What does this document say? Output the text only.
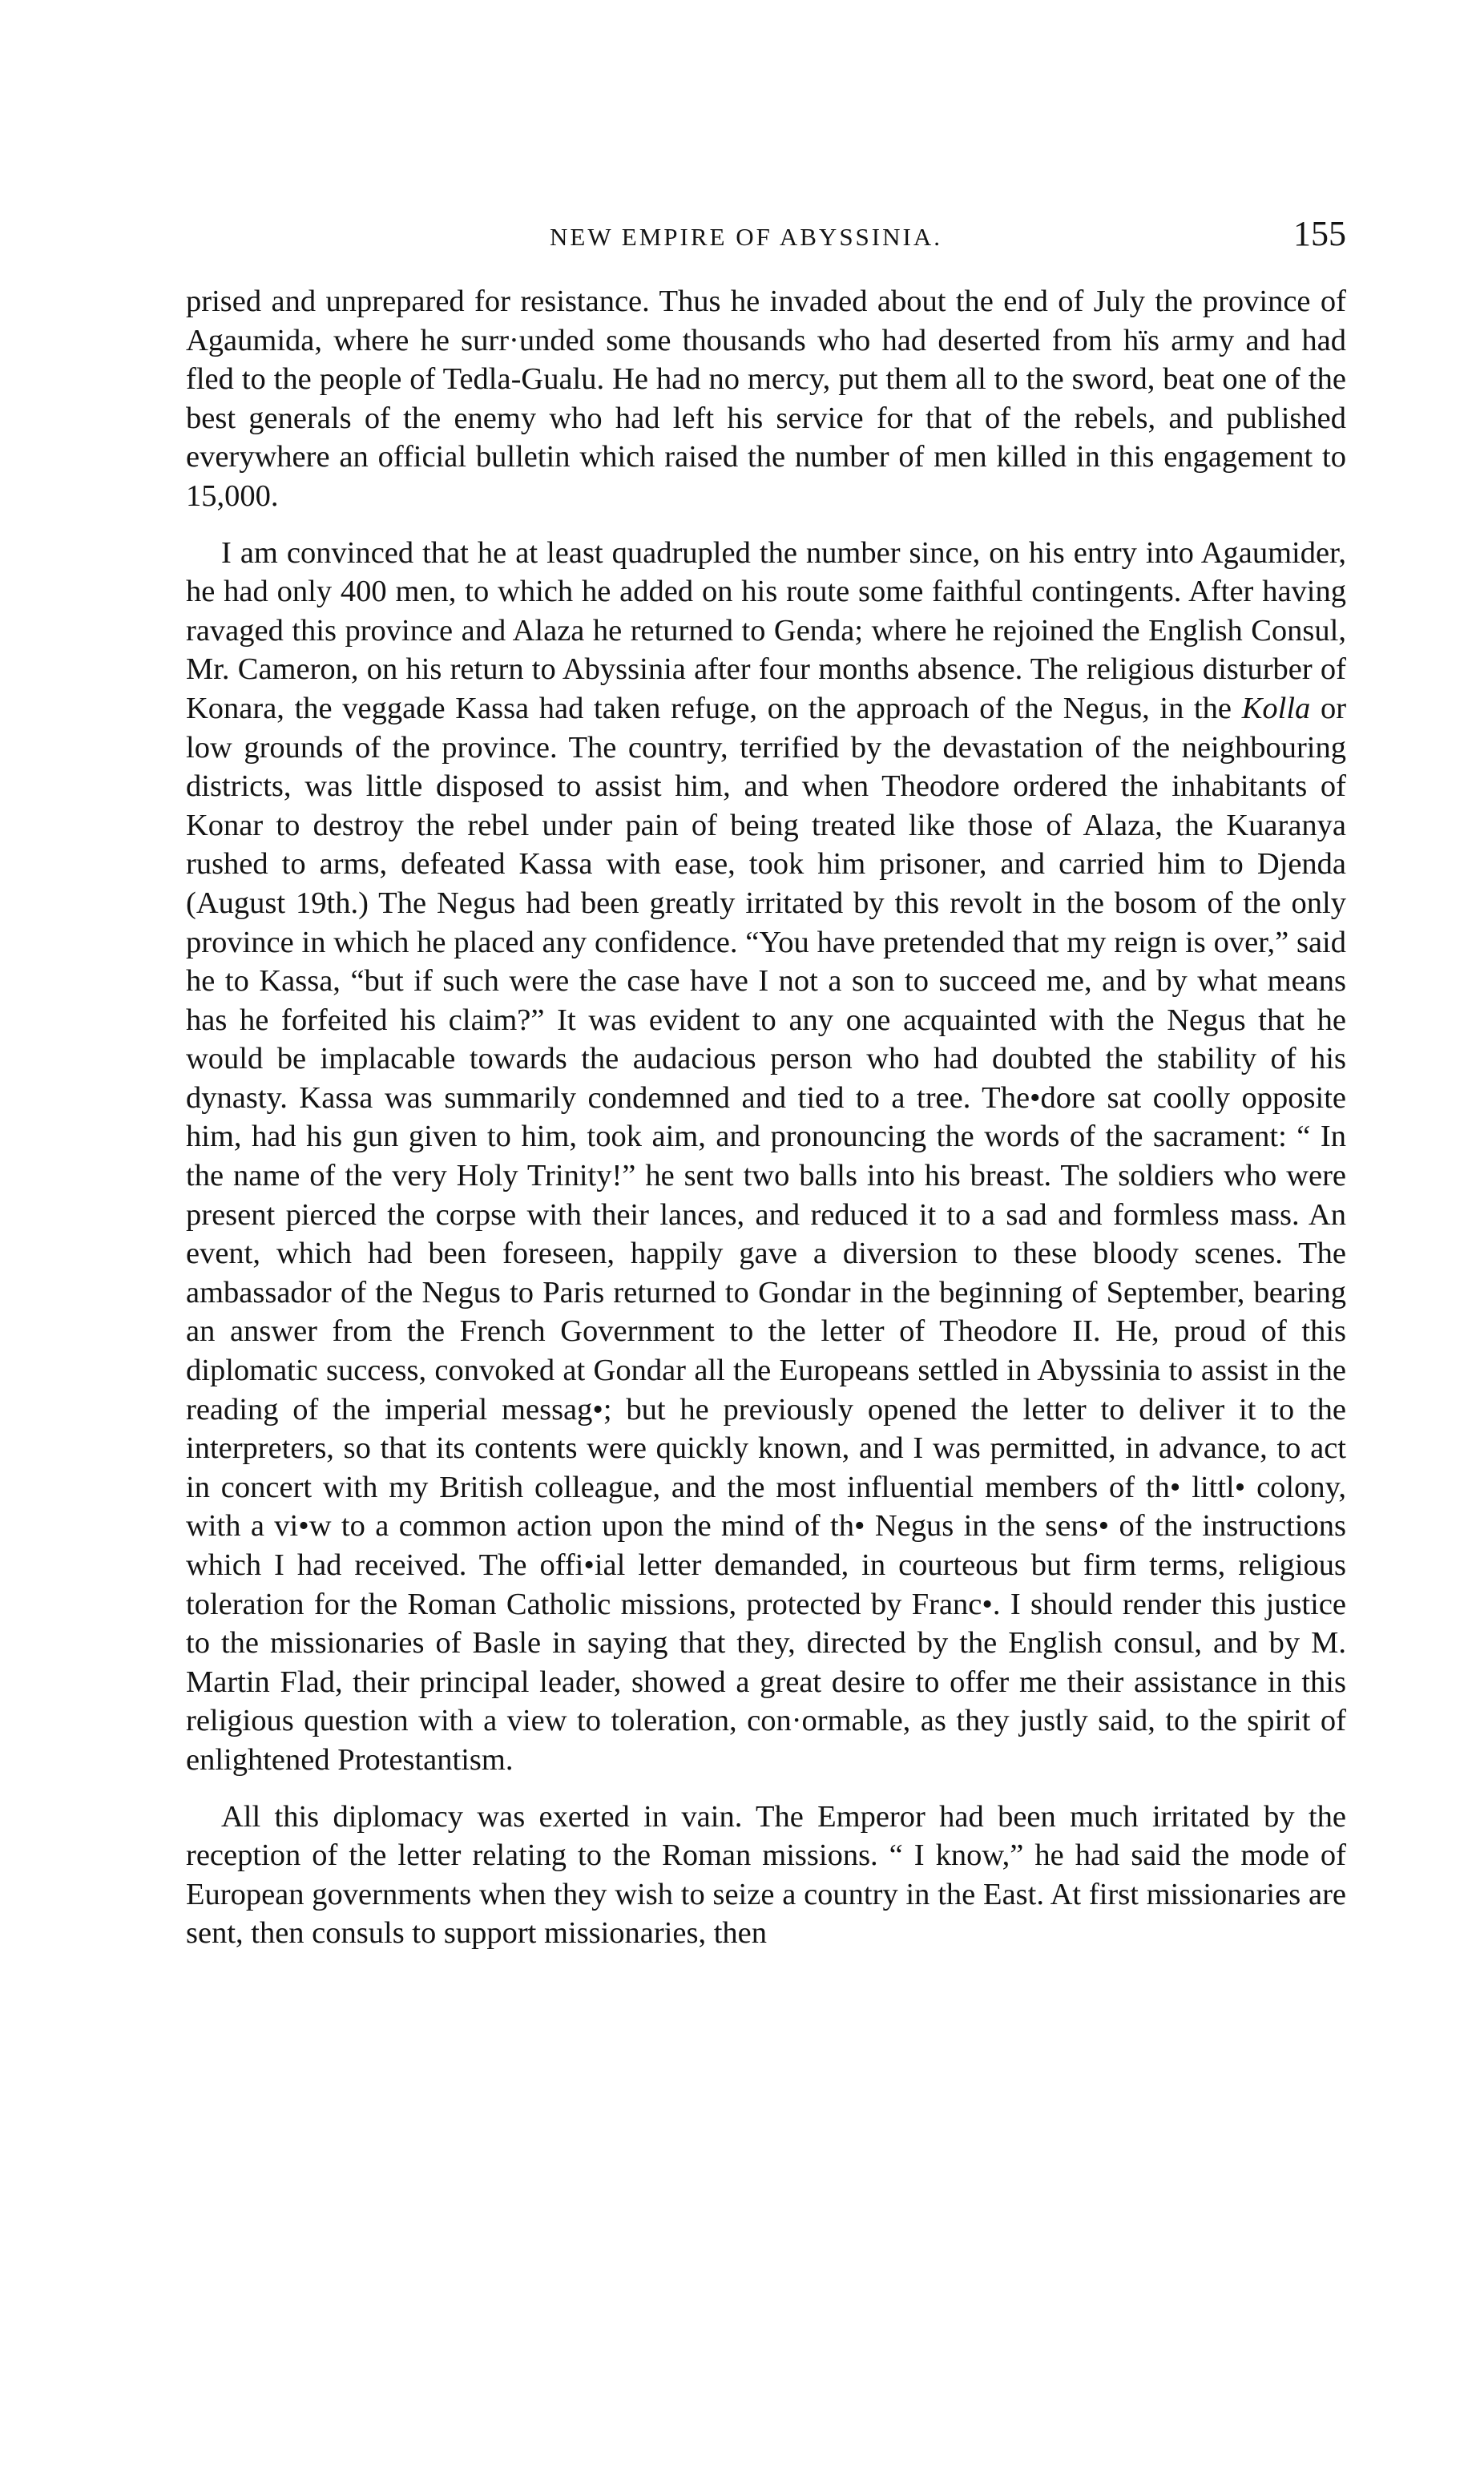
NEW EMPIRE OF ABYSSINIA.	155

prised and unprepared for resistance. Thus he invaded about the end of July the province of Agaumida, where he surr·unded some thousands who had deserted from hïs army and had fled to the people of Tedla-Gualu. He had no mercy, put them all to the sword, beat one of the best generals of the enemy who had left his service for that of the rebels, and published everywhere an official bulletin which raised the number of men killed in this engagement to 15,000.

I am convinced that he at least quadrupled the number since, on his entry into Agaumider, he had only 400 men, to which he added on his route some faithful contingents. After having ravaged this province and Alaza he returned to Genda; where he rejoined the English Consul, Mr. Cameron, on his return to Abyssinia after four months absence. The religious disturber of Konara, the veggade Kassa had taken refuge, on the approach of the Negus, in the Kolla or low grounds of the province. The country, terrified by the devastation of the neighbouring districts, was little disposed to assist him, and when Theodore ordered the inhabitants of Konar to destroy the rebel under pain of being treated like those of Alaza, the Kuaranya rushed to arms, defeated Kassa with ease, took him prisoner, and carried him to Djenda (August 19th.) The Negus had been greatly irritated by this revolt in the bosom of the only province in which he placed any confidence. “You have pretended that my reign is over,” said he to Kassa, “but if such were the case have I not a son to succeed me, and by what means has he forfeited his claim?” It was evident to any one acquainted with the Negus that he would be implacable towards the audacious person who had doubted the stability of his dynasty. Kassa was summarily condemned and tied to a tree. The•dore sat coolly opposite him, had his gun given to him, took aim, and pronouncing the words of the sacrament: “ In the name of the very Holy Trinity!” he sent two balls into his breast. The soldiers who were present pierced the corpse with their lances, and reduced it to a sad and formless mass. An event, which had been foreseen, happily gave a diversion to these bloody scenes. The ambassador of the Negus to Paris returned to Gondar in the beginning of September, bearing an answer from the French Government to the letter of Theodore II. He, proud of this diplomatic success, convoked at Gondar all the Europeans settled in Abyssinia to assist in the reading of the imperial messag•; but he previously opened the letter to deliver it to the interpreters, so that its contents were quickly known, and I was permitted, in advance, to act in concert with my British colleague, and the most influential members of th• littl• colony, with a vi•w to a common action upon the mind of th• Negus in the sens• of the instructions which I had received. The offi•ial letter demanded, in courteous but firm terms, religious toleration for the Roman Catholic missions, protected by Franc•. I should render this justice to the missionaries of Basle in saying that they, directed by the English consul, and by M. Martin Flad, their principal leader, showed a great desire to offer me their assistance in this religious question with a view to toleration, con·ormable, as they justly said, to the spirit of enlightened Protestantism.

All this diplomacy was exerted in vain. The Emperor had been much irritated by the reception of the letter relating to the Roman missions. “ I know,” he had said the mode of European governments when they wish to seize a country in the East. At first missionaries are sent, then consuls to support missionaries, then
